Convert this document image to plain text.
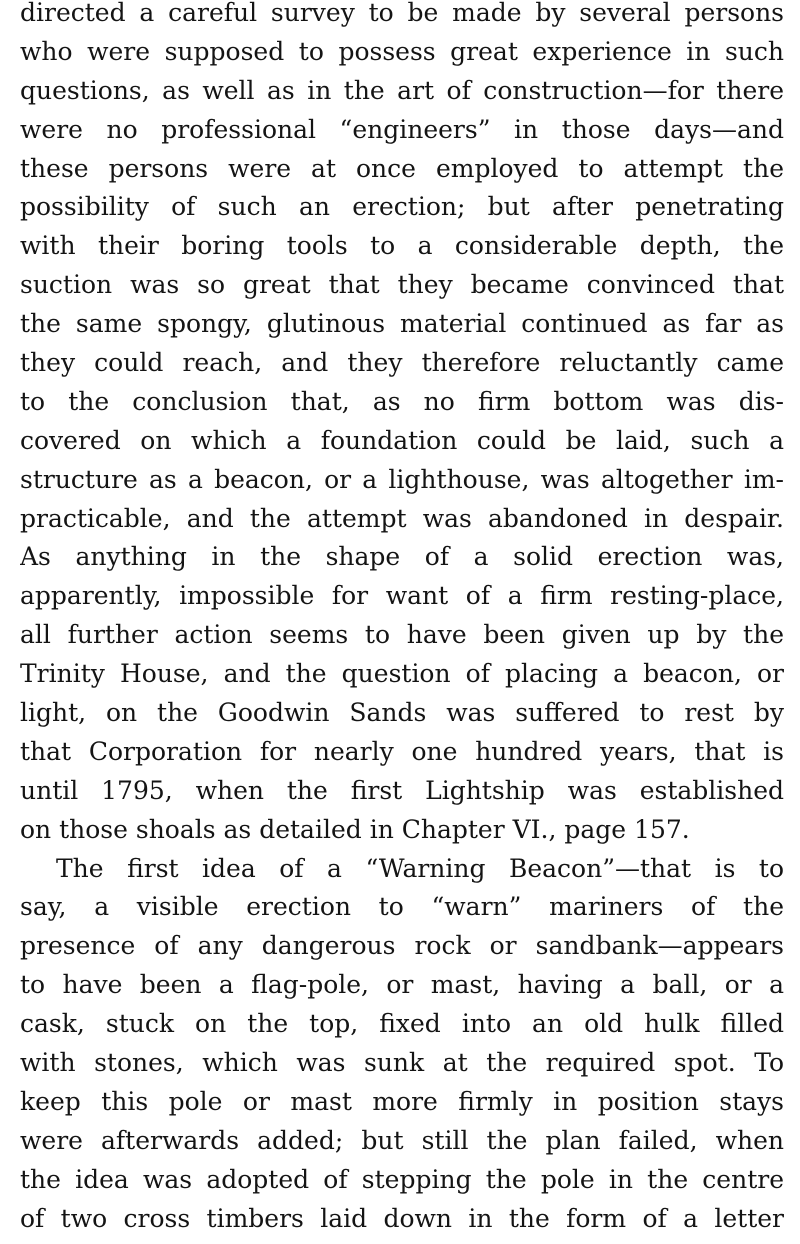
directed a careful survey to be made by several persons
who were supposed to possess great experience in such
questions, as well as in the art of construction—for there
were no professional “engineers” in those days—and
these persons were at once employed to attempt the
possibility of such an erection; but after penetrating
with their boring tools to a considerable depth, the
suction was so great that they became convinced that
the same spongy, glutinous material continued as far as
they could reach, and they therefore reluctantly came
to the conclusion that, as no firm bottom was dis-
covered on which a foundation could be laid, such a
structure as a beacon, or a lighthouse, was altogether im-
practicable, and the attempt was abandoned in despair.
As anything in the shape of a solid erection was,
apparently, impossible for want of a firm resting-place,
all further action seems to have been given up by the
Trinity House, and the question of placing a beacon, or
light, on the Goodwin Sands was suffered to rest by
that Corporation for nearly one hundred years, that is
until 1795, when the first Lightship was established
on those shoals as detailed in Chapter VI., page 157.
The first idea of a “Warning Beacon”—that is to
say, a visible erection to “warn” mariners of the
presence of any dangerous rock or sandbank—appears
to have been a flag-pole, or mast, having a ball, or a
cask, stuck on the top, fixed into an old hulk filled
with stones, which was sunk at the required spot. To
keep this pole or mast more firmly in position stays
were afterwards added; but still the plan failed, when
the idea was adopted of stepping the pole in the centre
of two cross timbers laid down in the form of a letter
